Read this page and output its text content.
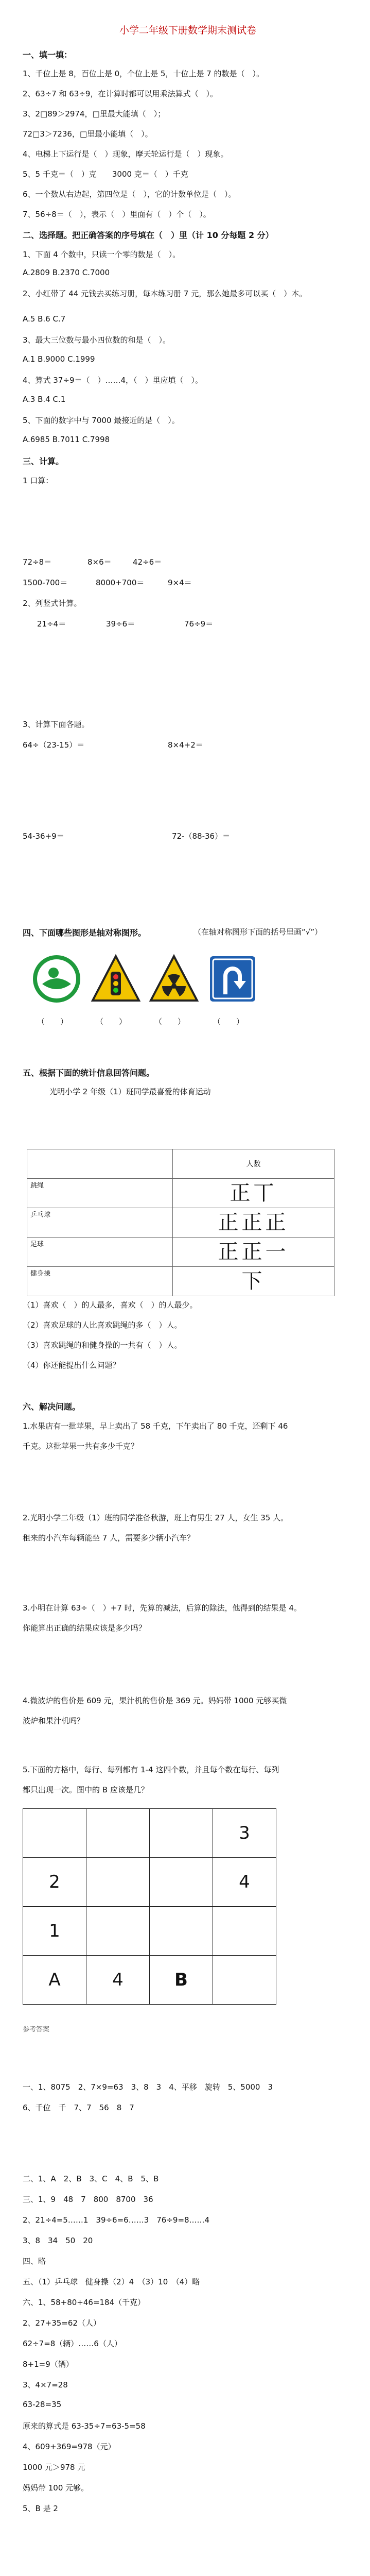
小学二年级下册数学期末测试卷
一、填一填：
1、千位上是 8，百位上是 0，个位上是 5，十位上是 7 的数是（　）。
2、63÷7 和 63÷9，在计算时都可以用乘法算式（　）。
3、2□89＞2974，□里最大能填（　）；
72□3＞7236，□里最小能填（　）。
4、电梯上下运行是（　）现象，摩天轮运行是（　）现象。
5、5 千克＝（　）克　　3000 克＝（　）千克
6、一个数从右边起，第四位是（　），它的计数单位是（　）。
7、56÷8＝（　），表示（　）里面有（　）个（　）。
二、选择题。把正确答案的序号填在（　）里（计 10 分每题 2 分）
1、下面 4 个数中，只读一个零的数是（　）。
A.2809 B.2370 C.7000
2、小红带了 44 元钱去买练习册，每本练习册 7 元，那么她最多可以买（　）本。
A.5 B.6 C.7
3、最大三位数与最小四位数的和是（　）。
A.1 B.9000 C.1999
4、算式 37÷9＝（　）……4，（　）里应填（　）。
A.3 B.4 C.1
5、下面的数字中与 7000 最接近的是（　）。
A.6985 B.7011 C.7998
三、计算。
1 口算：
72÷8＝	8×6＝	42÷6＝
1500-700＝	8000+700＝	9×4＝
2、列竖式计算。
21÷4＝	39÷6＝	76÷9＝
3、计算下面各题。
64÷（23-15）＝	8×4+2＝
54-36+9＝	72-（88-36）＝
四、下面哪些图形是轴对称图形。	（在轴对称图形下面的括号里画“√”）
（　　）	（　　）	（　　）	（　　）
五、根据下面的统计信息回答问题。
光明小学 2 年级（1）班同学最喜爱的体育运动
	人数
跳绳	正丅
乒乓球	正正正
足球	正正一
健身操	下
（1）喜欢（　）的人最多，喜欢（　）的人最少。
（2）喜欢足球的人比喜欢跳绳的多（　）人。
（3）喜欢跳绳的和健身操的一共有（　）人。
（4）你还能提出什么问题？
六、解决问题。
1.水果店有一批苹果，早上卖出了 58 千克，下午卖出了 80 千克，还剩下 46
千克。这批苹果一共有多少千克？
2.光明小学二年级（1）班的同学准备秋游，班上有男生 27 人，女生 35 人。
租来的小汽车每辆能坐 7 人，需要多少辆小汽车？
3.小明在计算 63÷（　）+7 时，先算的减法，后算的除法，他得到的结果是 4。
你能算出正确的结果应该是多少吗？
4.微波炉的售价是 609 元，果汁机的售价是 369 元。妈妈带 1000 元够买微
波炉和果汁机吗？
5.下面的方格中，每行、每列都有 1-4 这四个数，并且每个数在每行、每列
都只出现一次。图中的 B 应该是几？
			3
2			4
1			
A	4	B	
参考答案
一、1、8075　2、7×9=63　3、8　3　4、平移　旋转　5、5000　3
6、千位　千　7、7　56　8　7
二、1、A　2、B　3、C　4、B　5、B
三、1、9　48　7　800　8700　36
2、21÷4=5……1　39÷6=6……3　76÷9=8……4
3、8　34　50　20
四、略
五、（1）乒乓球　健身操（2）4　（3）10　（4）略
六、1、58+80+46=184（千克）
2、27+35=62（人）
62÷7=8（辆）……6（人）
8+1=9（辆）
3、4×7=28
63-28=35
原来的算式是 63-35÷7=63-5=58
4、609+369=978（元）
1000 元＞978 元
妈妈带 100 元够。
5、B 是 2
